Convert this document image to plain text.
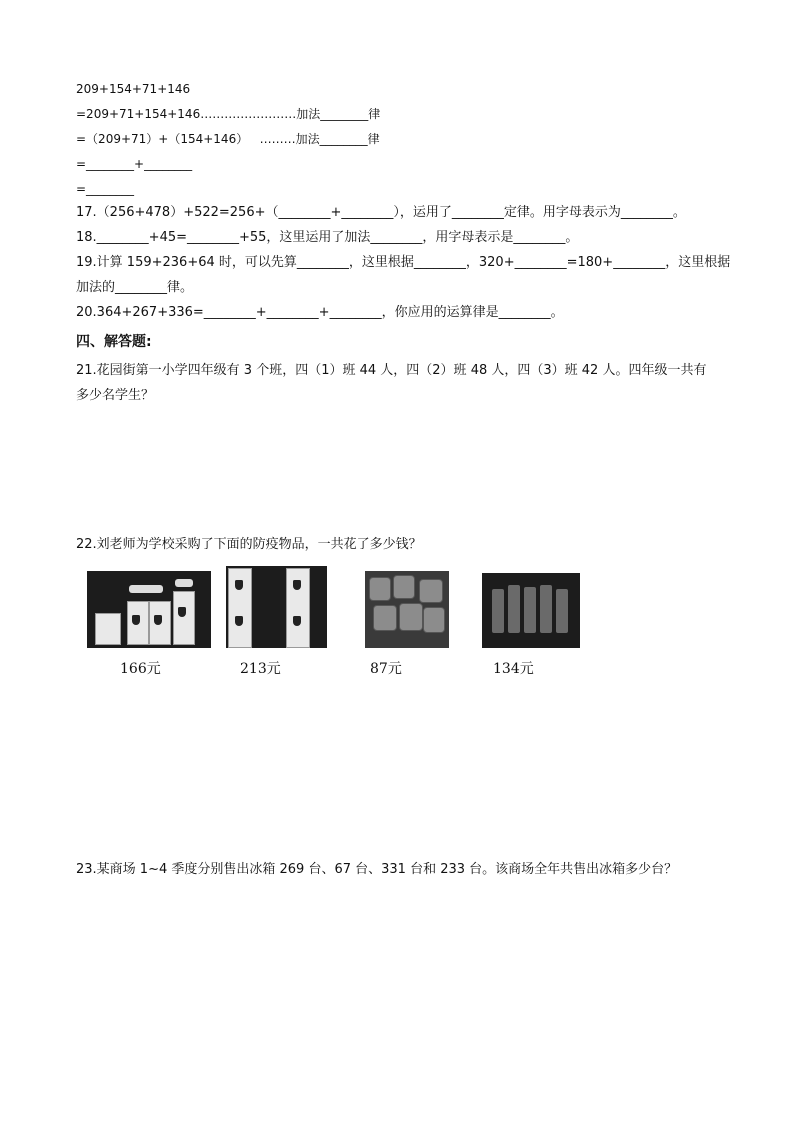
209+154+71+146
=209+71+154+146……………………加法________律
=（209+71）+（154+146）   ………加法________律
=________+________
=________
17.（256+478）+522=256+（________+________），运用了________定律。用字母表示为________。
18.________+45=________+55，这里运用了加法________，用字母表示是________。
19.计算 159+236+64 时，可以先算________，这里根据________，320+________=180+________，这里根据
加法的________律。
20.364+267+336=________+________+________，你应用的运算律是________。
四、解答题:
21.花园街第一小学四年级有 3 个班，四（1）班 44 人，四（2）班 48 人，四（3）班 42 人。四年级一共有
多少名学生？
22.刘老师为学校采购了下面的防疫物品，一共花了多少钱？
166元	213元	87元	134元
23.某商场 1~4 季度分别售出冰箱 269 台、67 台、331 台和 233 台。该商场全年共售出冰箱多少台？
